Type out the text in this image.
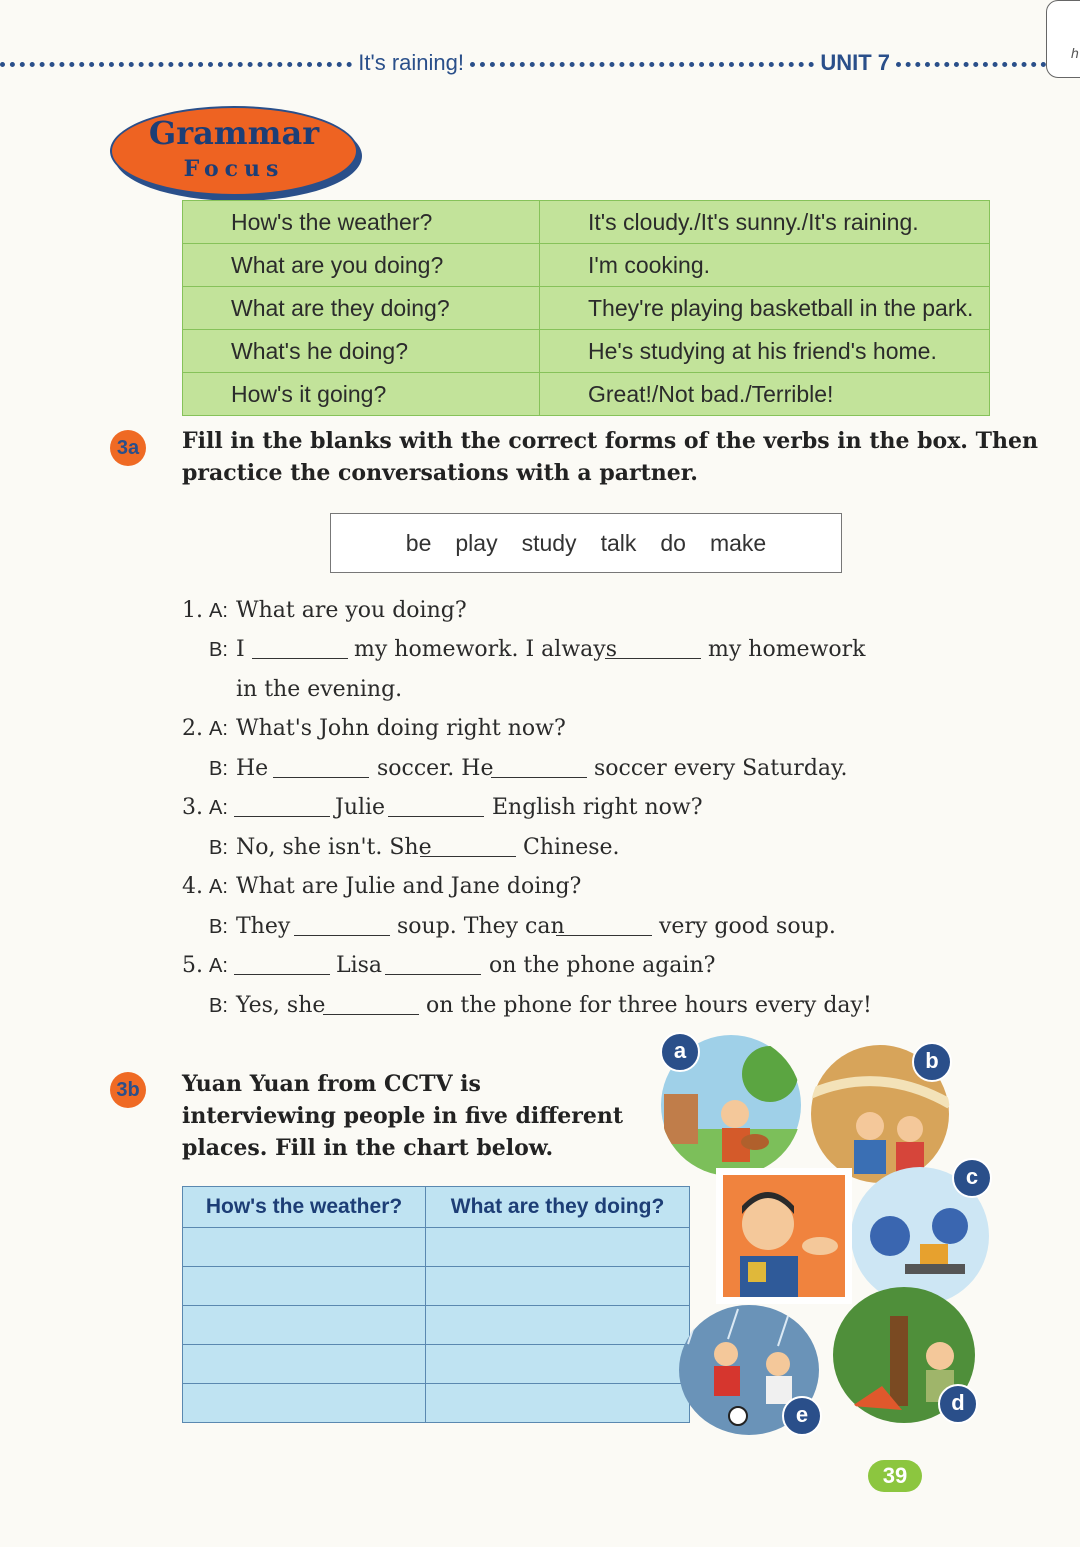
It's raining!	UNIT 7	h
Grammar
Focus
How's the weather?	It's cloudy./It's sunny./It's raining.
What are you doing?	I'm cooking.
What are they doing?	They're playing basketball in the park.
What's he doing?	He's studying at his friend's home.
How's it going?	Great!/Not bad./Terrible!
3a	Fill in the blanks with the correct forms of the verbs in the box. Then
practice the conversations with a partner.
be play study talk do make
1. A: What are you doing?
B: I	my homework. I always	my homework
in the evening.
2. A: What's John doing right now?
B: He	soccer. He	soccer every Saturday.
3. A:	Julie	English right now?
B: No, she isn't. She	Chinese.
4. A: What are Julie and Jane doing?
B: They	soup. They can	very good soup.
5. A:	Lisa	on the phone again?
B: Yes, she	on the phone for three hours every day!
3b Yuan Yuan from CCTV is
interviewing people in five different
places. Fill in the chart below.
How's the weather?	What are they doing?

a	b
c
d
e
39
